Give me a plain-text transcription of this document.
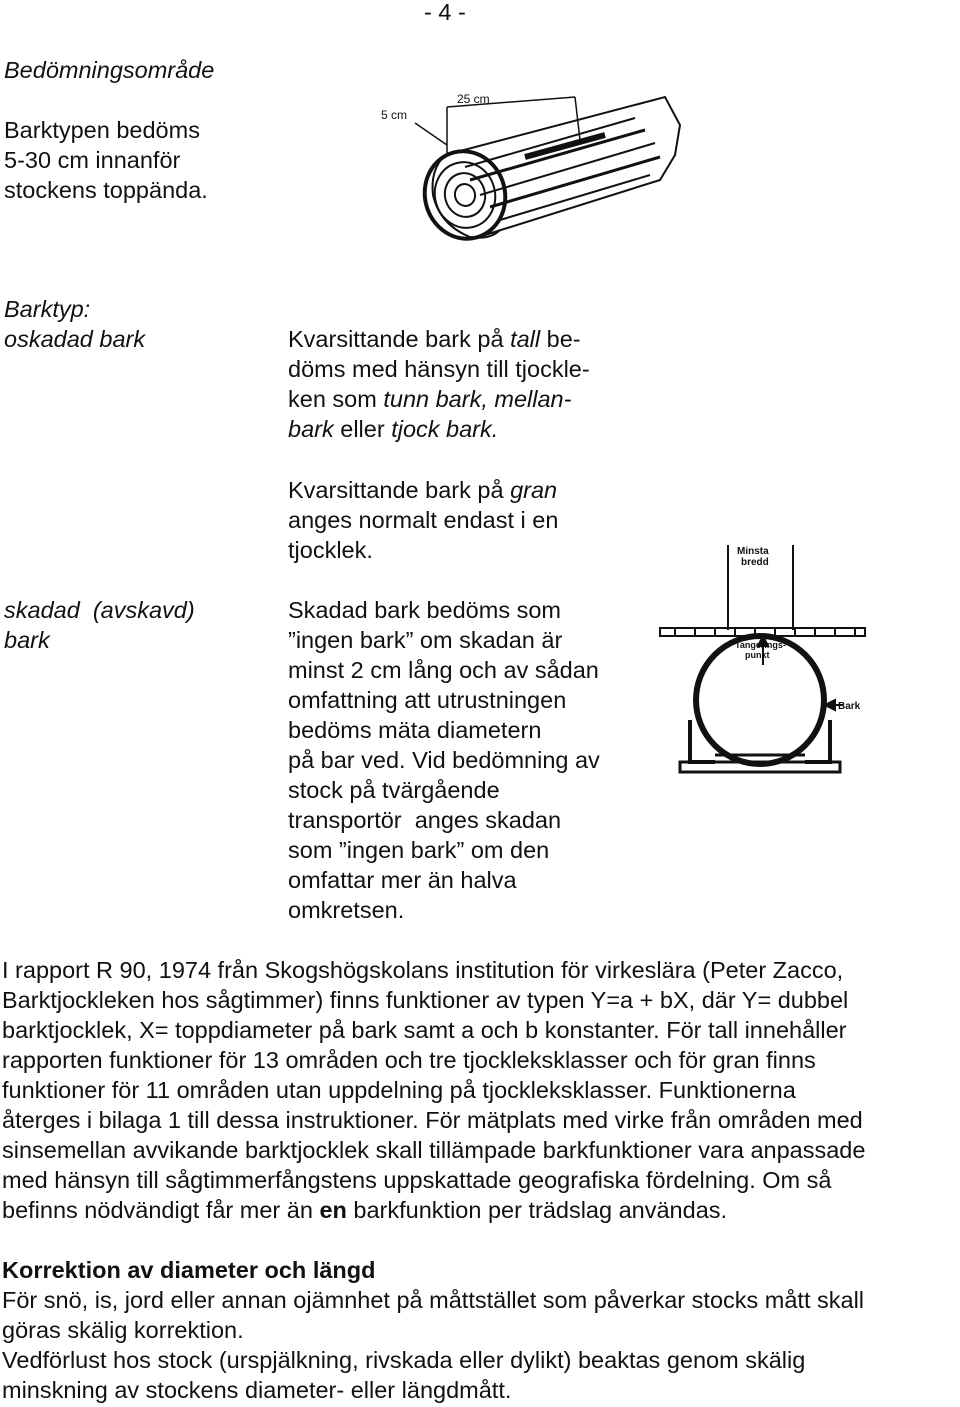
- 4 -
Bedömningsområde
Barktypen bedöms
5-30 cm innanför
stockens toppända.
5 cm
25 cm
Barktyp:
oskadad bark	Kvarsittande bark på tall be-
döms med hänsyn till tjockle-
ken som tunn bark, mellan-
bark eller tjock bark.
Kvarsittande bark på gran
anges normalt endast i en
tjocklek.
skadad  (avskavd)
bark
Skadad bark bedöms som
”ingen bark” om skadan är
minst 2 cm lång och av sådan
omfattning att utrustningen
bedöms mäta diametern
på bar ved. Vid bedömning av
stock på tvärgående
transportör  anges skadan
som ”ingen bark” om den
omfattar mer än halva
omkretsen.
Minsta
bredd
Tangerings-
punkt
Bark
I rapport R 90, 1974 från Skogshögskolans institution för virkeslära (Peter Zacco,
Barktjockleken hos sågtimmer) finns funktioner av typen Y=a + bX, där Y= dubbel
barktjocklek, X= toppdiameter på bark samt a och b konstanter. För tall innehåller
rapporten funktioner för 13 områden och tre tjockleksklasser och för gran finns
funktioner för 11 områden utan uppdelning på tjockleksklasser. Funktionerna
återges i bilaga 1 till dessa instruktioner. För mätplats med virke från områden med
sinsemellan avvikande barktjocklek skall tillämpade barkfunktioner vara anpassade
med hänsyn till sågtimmerfångstens uppskattade geografiska fördelning. Om så
befinns nödvändigt får mer än en barkfunktion per trädslag användas.
Korrektion av diameter och längd
För snö, is, jord eller annan ojämnhet på måttstället som påverkar stocks mått skall
göras skälig korrektion.
Vedförlust hos stock (urspjälkning, rivskada eller dylikt) beaktas genom skälig
minskning av stockens diameter- eller längdmått.
